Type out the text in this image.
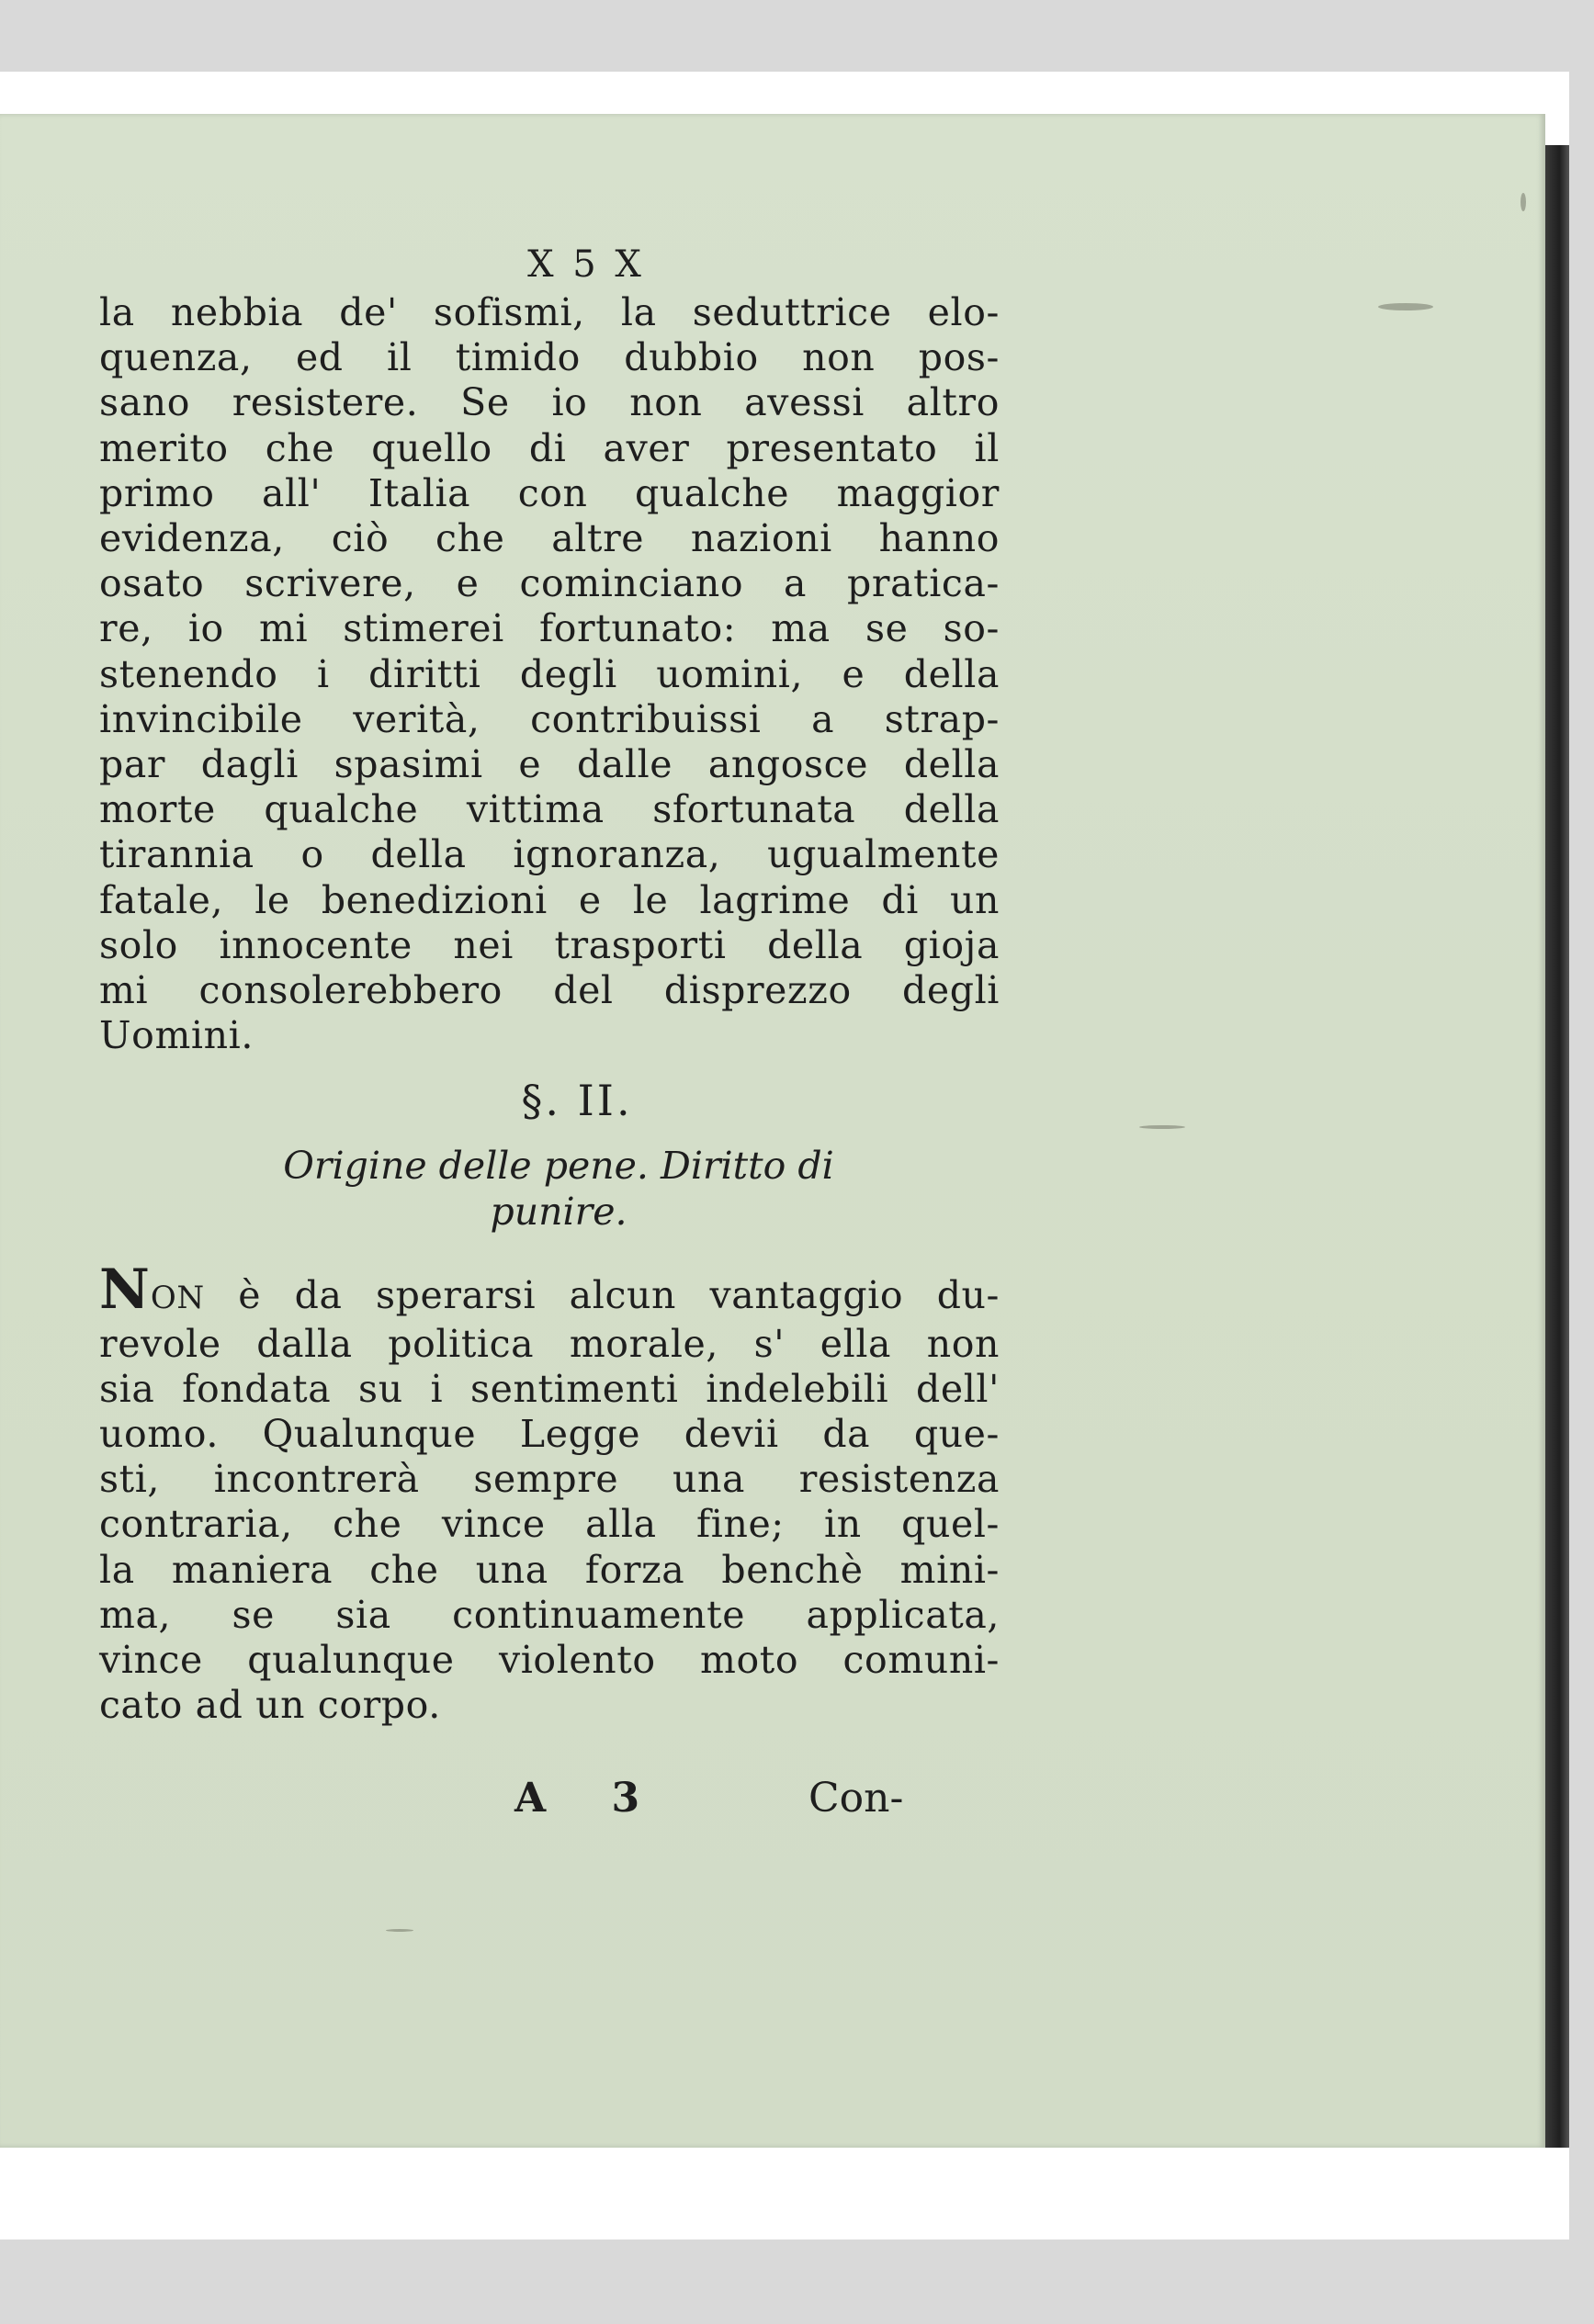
X 5 X
la nebbia de' sofismi, la seduttrice elo-
quenza, ed il timido dubbio non pos-
sano resistere. Se io non avessi altro
merito che quello di aver presentato il
primo all' Italia con qualche maggior
evidenza, ciò che altre nazioni hanno
osato scrivere, e cominciano a pratica-
re, io mi stimerei fortunato: ma se so-
stenendo i diritti degli uomini, e della
invincibile verità, contribuissi a strap-
par dagli spasimi e dalle angosce della
morte qualche vittima sfortunata della
tirannia o della ignoranza, ugualmente
fatale, le benedizioni e le lagrime di un
solo innocente nei trasporti della gioja
mi consolerebbero del disprezzo degli
Uomini.
§. II.
Origine delle pene. Diritto di
punire.
NON è da sperarsi alcun vantaggio du-
revole dalla politica morale, s' ella non
sia fondata su i sentimenti indelebili dell'
uomo. Qualunque Legge devii da que-
sti, incontrerà sempre una resistenza
contraria, che vince alla fine; in quel-
la maniera che una forza benchè mini-
ma, se sia continuamente applicata,
vince qualunque violento moto comuni-
cato ad un corpo.
A 3	Con-
